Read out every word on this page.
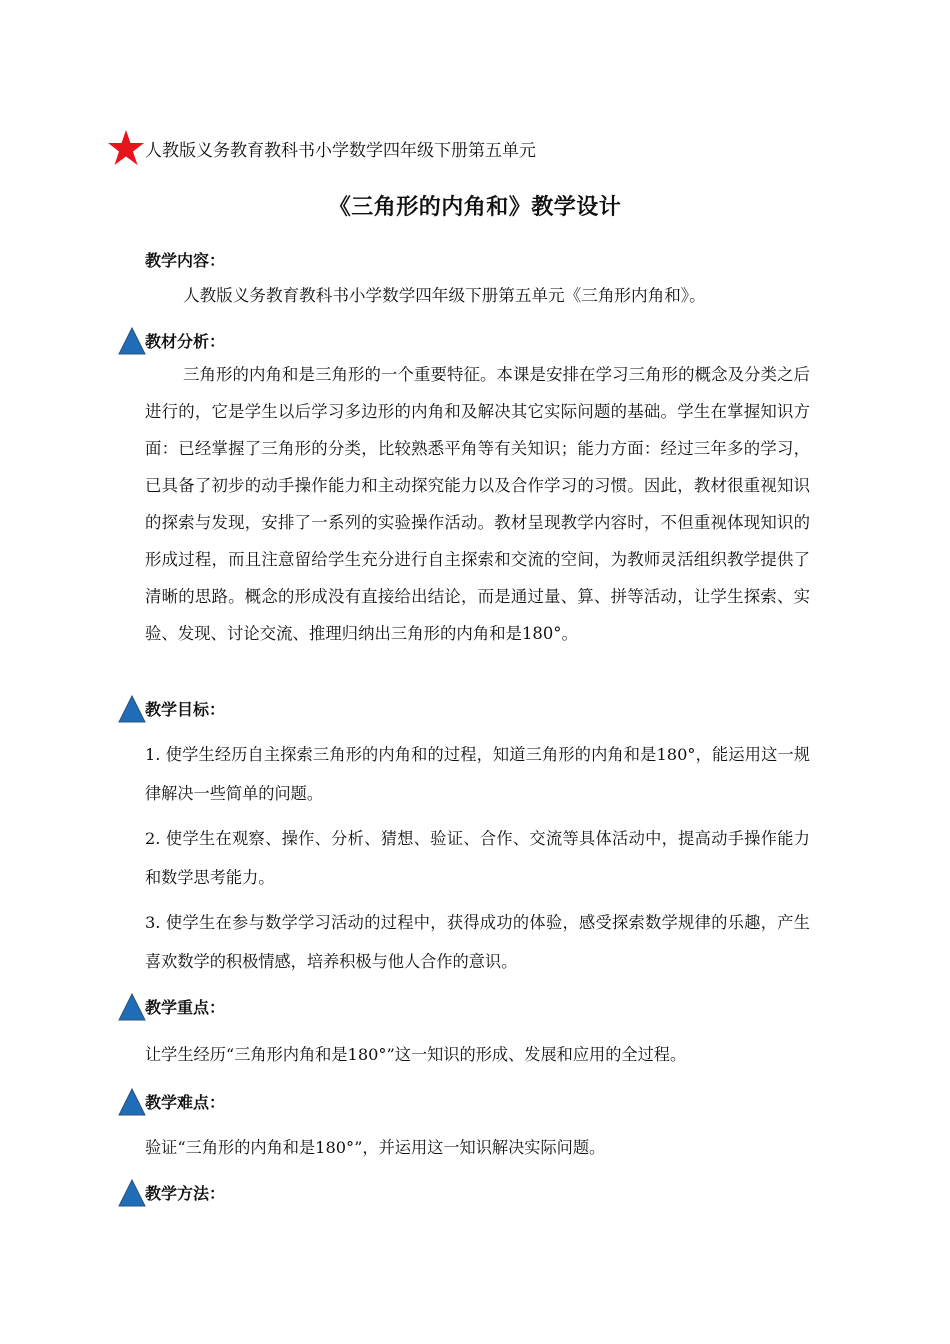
人教版义务教育教科书小学数学四年级下册第五单元
《三角形的内角和》教学设计
教学内容：
人教版义务教育教科书小学数学四年级下册第五单元《三角形内角和》。
教材分析：
三角形的内角和是三角形的一个重要特征。本课是安排在学习三角形的概念及分类之后进行的，它是学生以后学习多边形的内角和及解决其它实际问题的基础。学生在掌握知识方面：已经掌握了三角形的分类，比较熟悉平角等有关知识；能力方面：经过三年多的学习，已具备了初步的动手操作能力和主动探究能力以及合作学习的习惯。因此，教材很重视知识的探索与发现，安排了一系列的实验操作活动。教材呈现教学内容时，不但重视体现知识的形成过程，而且注意留给学生充分进行自主探索和交流的空间，为教师灵活组织教学提供了清晰的思路。概念的形成没有直接给出结论，而是通过量、算、拼等活动，让学生探索、实验、发现、讨论交流、推理归纳出三角形的内角和是180°。
教学目标：
1. 使学生经历自主探索三角形的内角和的过程，知道三角形的内角和是180°，能运用这一规律解决一些简单的问题。
2. 使学生在观察、操作、分析、猜想、验证、合作、交流等具体活动中，提高动手操作能力和数学思考能力。
3. 使学生在参与数学学习活动的过程中，获得成功的体验，感受探索数学规律的乐趣，产生喜欢数学的积极情感，培养积极与他人合作的意识。
教学重点：
让学生经历“三角形内角和是180°”这一知识的形成、发展和应用的全过程。
教学难点：
验证“三角形的内角和是180°”，并运用这一知识解决实际问题。
教学方法：
